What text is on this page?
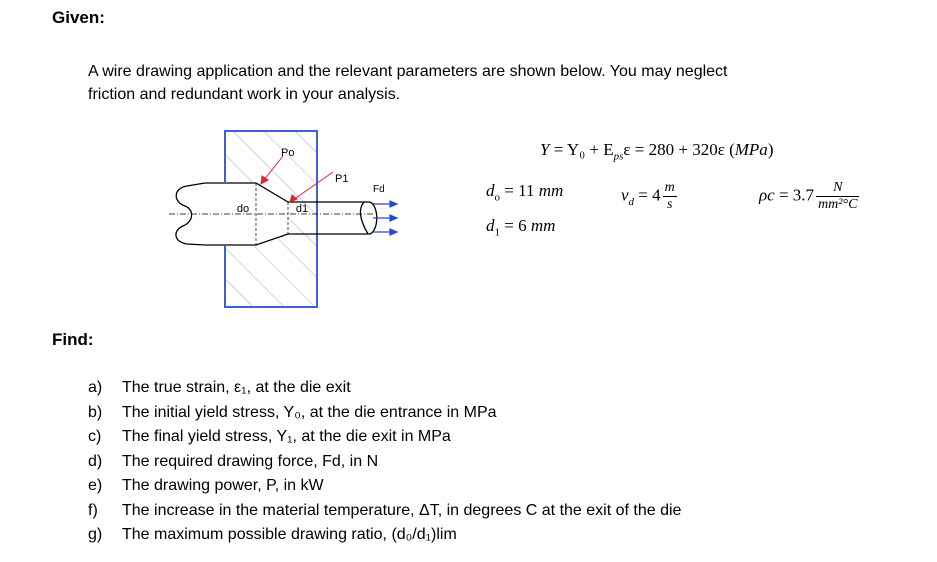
Given:
A wire drawing application and the relevant parameters are shown below. You may neglect
friction and redundant work in your analysis.
do	d1
Po
P1
Fd
$Y = Y_0 + E_{ps}\varepsilon = 280 + 320\varepsilon$ (MPa)
$d_o = 11$ mm
$d_1 = 6$ mm
$v_d = 4 \frac{m}{s}$	$\rho c = 3.7 \frac{N}{\text{mm²°C}}$
Find:
a)	The true strain, ε₁, at the die exit
b)	The initial yield stress, Y₀, at the die entrance in MPa
c)	The final yield stress, Y₁, at the die exit in MPa
d)	The required drawing force, Fd, in N
e)	The drawing power, P, in kW
f)	The increase in the material temperature, ΔT, in degrees C at the exit of the die
g)	The maximum possible drawing ratio, (d₀/d₁)lim
